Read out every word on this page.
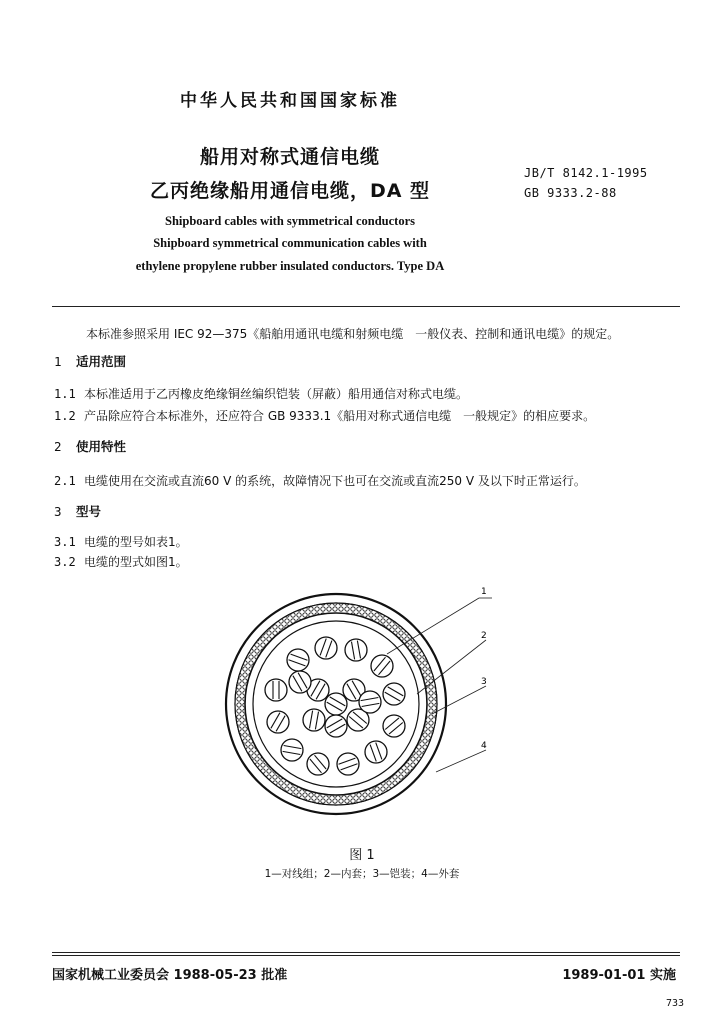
中华人民共和国国家标准
船用对称式通信电缆
乙丙绝缘船用通信电缆，DA 型
JB/T 8142.1-1995
GB 9333.2-88
Shipboard cables with symmetrical conductors
Shipboard symmetrical communication cables with
ethylene propylene rubber insulated conductors. Type DA
本标准参照采用 IEC 92—375《船舶用通讯电缆和射频电缆　一般仪表、控制和通讯电缆》的规定。
1 适用范围
1.1 本标准适用于乙丙橡皮绝缘铜丝编织铠装（屏蔽）船用通信对称式电缆。
1.2 产品除应符合本标准外，还应符合 GB 9333.1《船用对称式通信电缆　一般规定》的相应要求。
2 使用特性
2.1 电缆使用在交流或直流60 V 的系统，故障情况下也可在交流或直流250 V 及以下时正常运行。
3 型号
3.1 电缆的型号如表1。
3.2 电缆的型式如图1。
1
2
3
4
图 1
1—对线组；2—内套；3—铠装；4—外套
国家机械工业委员会 1988-05-23 批准	1989-01-01 实施
733
